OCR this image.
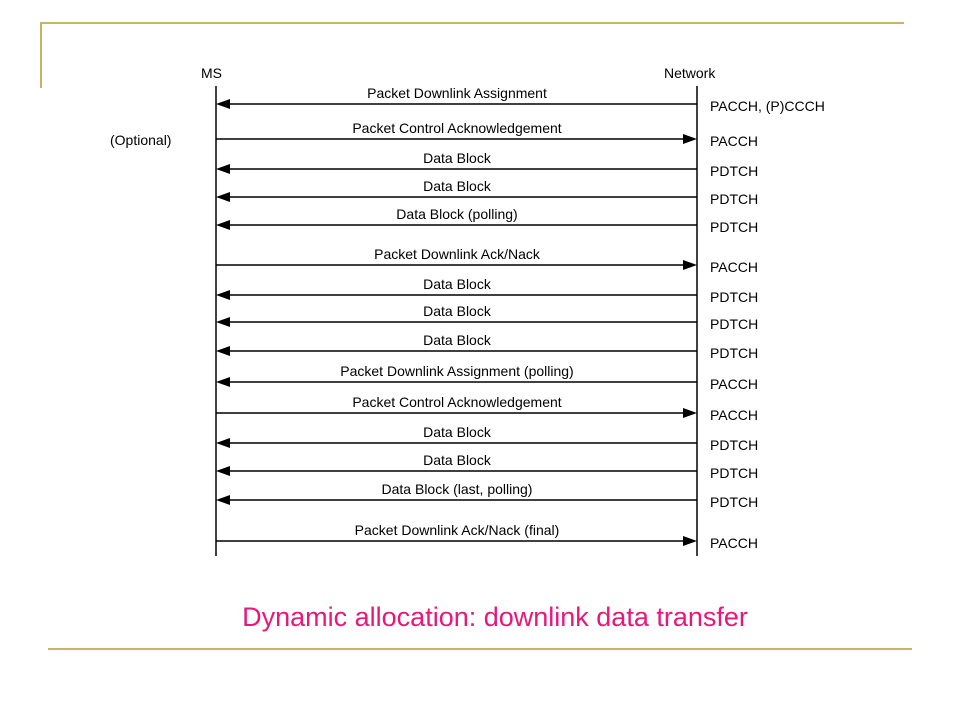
MS	Network
(Optional)
Packet Downlink Assignment
PACCH, (P)CCCH
Packet Control Acknowledgement
PACCH
Data Block
PDTCH
Data Block
PDTCH
Data Block (polling)
PDTCH
Packet Downlink Ack/Nack
PACCH
Data Block
PDTCH
Data Block
PDTCH
Data Block
PDTCH
Packet Downlink Assignment (polling)
PACCH
Packet Control Acknowledgement
PACCH
Data Block
PDTCH
Data Block
PDTCH
Data Block (last, polling)
PDTCH
Packet Downlink Ack/Nack (final)
PACCH
Dynamic allocation: downlink data transfer
